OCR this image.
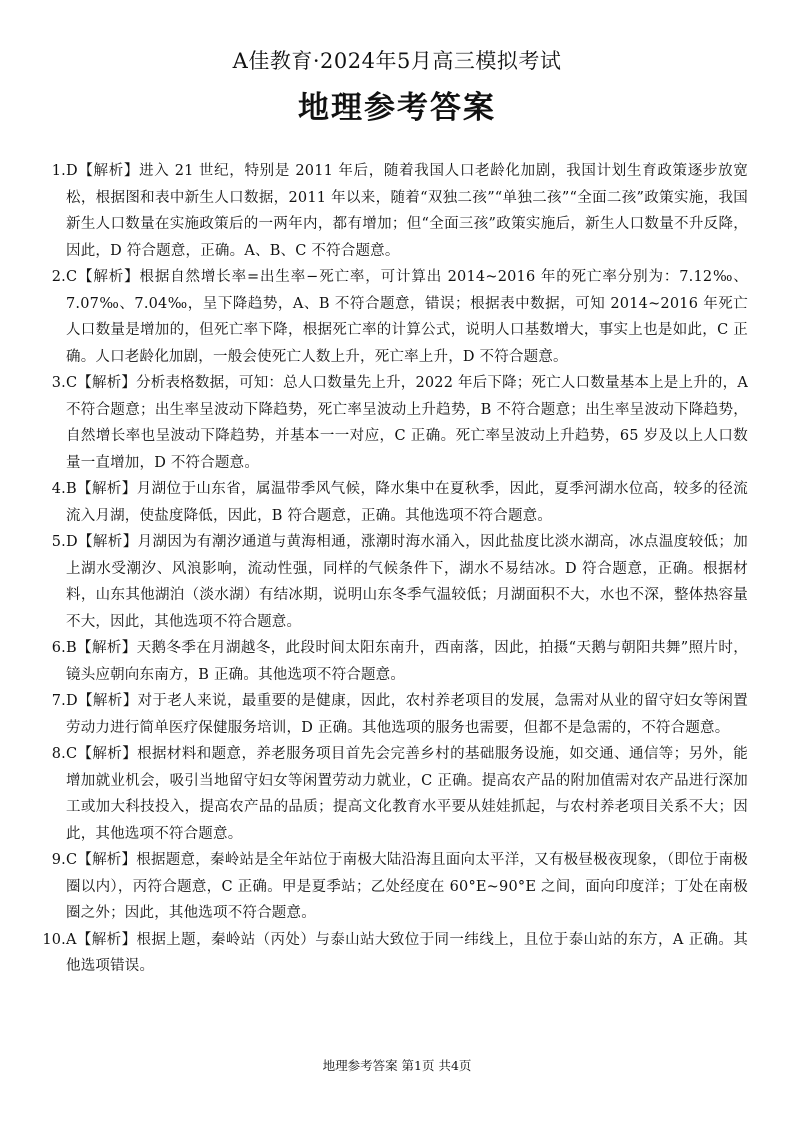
A佳教育·2024年5月高三模拟考试
地理参考答案
1. D【解析】进入 21 世纪，特别是 2011 年后，随着我国人口老龄化加剧，我国计划生育政策逐步放宽松，根据图和表中新生人口数据，2011 年以来，随着“双独二孩”“单独二孩”“全面二孩”政策实施，我国新生人口数量在实施政策后的一两年内，都有增加；但“全面三孩”政策实施后，新生人口数量不升反降，因此，D 符合题意，正确。A、B、C 不符合题意。
2. C【解析】根据自然增长率=出生率−死亡率，可计算出 2014~2016 年的死亡率分别为：7.12‰、7.07‰、7.04‰，呈下降趋势，A、B 不符合题意，错误；根据表中数据，可知 2014~2016 年死亡人口数量是增加的，但死亡率下降，根据死亡率的计算公式，说明人口基数增大，事实上也是如此，C 正确。人口老龄化加剧，一般会使死亡人数上升，死亡率上升，D 不符合题意。
3. C【解析】分析表格数据，可知：总人口数量先上升，2022 年后下降；死亡人口数量基本上是上升的，A 不符合题意；出生率呈波动下降趋势，死亡率呈波动上升趋势，B 不符合题意；出生率呈波动下降趋势，自然增长率也呈波动下降趋势，并基本一一对应，C 正确。死亡率呈波动上升趋势，65 岁及以上人口数量一直增加，D 不符合题意。
4. B【解析】月湖位于山东省，属温带季风气候，降水集中在夏秋季，因此，夏季河湖水位高，较多的径流流入月湖，使盐度降低，因此，B 符合题意，正确。其他选项不符合题意。
5. D【解析】月湖因为有潮汐通道与黄海相通，涨潮时海水涌入，因此盐度比淡水湖高，冰点温度较低；加上湖水受潮汐、风浪影响，流动性强，同样的气候条件下，湖水不易结冰。D 符合题意，正确。根据材料，山东其他湖泊（淡水湖）有结冰期，说明山东冬季气温较低；月湖面积不大，水也不深，整体热容量不大，因此，其他选项不符合题意。
6. B【解析】天鹅冬季在月湖越冬，此段时间太阳东南升，西南落，因此，拍摄“天鹅与朝阳共舞”照片时，镜头应朝向东南方，B 正确。其他选项不符合题意。
7. D【解析】对于老人来说，最重要的是健康，因此，农村养老项目的发展，急需对从业的留守妇女等闲置劳动力进行简单医疗保健服务培训，D 正确。其他选项的服务也需要，但都不是急需的，不符合题意。
8. C【解析】根据材料和题意，养老服务项目首先会完善乡村的基础服务设施，如交通、通信等；另外，能增加就业机会，吸引当地留守妇女等闲置劳动力就业，C 正确。提高农产品的附加值需对农产品进行深加工或加大科技投入，提高农产品的品质；提高文化教育水平要从娃娃抓起，与农村养老项目关系不大；因此，其他选项不符合题意。
9. C【解析】根据题意，秦岭站是全年站位于南极大陆沿海且面向太平洋，又有极昼极夜现象，（即位于南极圈以内），丙符合题意，C 正确。甲是夏季站；乙处经度在 60°E~90°E 之间，面向印度洋；丁处在南极圈之外；因此，其他选项不符合题意。
10. A【解析】根据上题，秦岭站（丙处）与泰山站大致位于同一纬线上，且位于泰山站的东方，A 正确。其他选项错误。
地理参考答案 第1页 共4页
